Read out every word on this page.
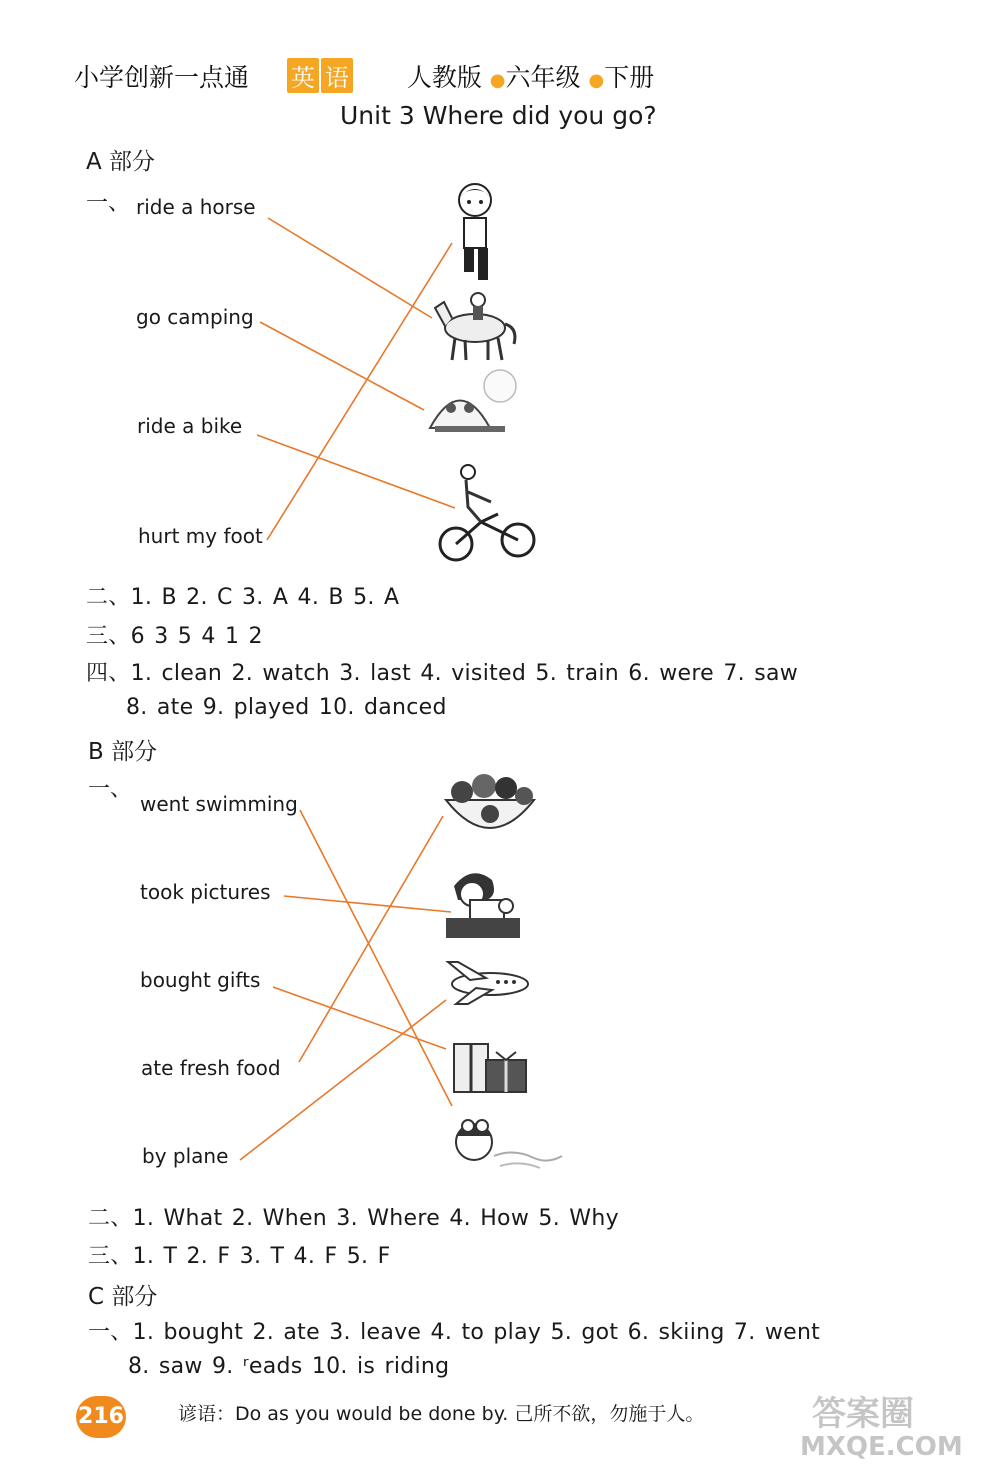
小学创新一点通 英 语 人教版 ●六年级 ●下册
Unit 3 Where did you go?
A 部分
一、 ride a horse
go camping
ride a bike
hurt my foot
二、1. B 2. C 3. A 4. B 5. A
三、6 3 5 4 1 2
四、1. clean 2. watch 3. last 4. visited 5. train 6. were 7. saw
8. ate 9. played 10. danced
B 部分
一、
went swimming
took pictures
bought gifts
ate fresh food
by plane
二、1. What 2. When 3. Where 4. How 5. Why
三、1. T 2. F 3. T 4. F 5. F
C 部分
一、1. bought 2. ate 3. leave 4. to play 5. got 6. skiing 7. went
8. saw 9. ʳeads 10. is riding
216	谚语：Do as you would be done by. 己所不欲，勿施于人。	答案圈
MXQE.COM
